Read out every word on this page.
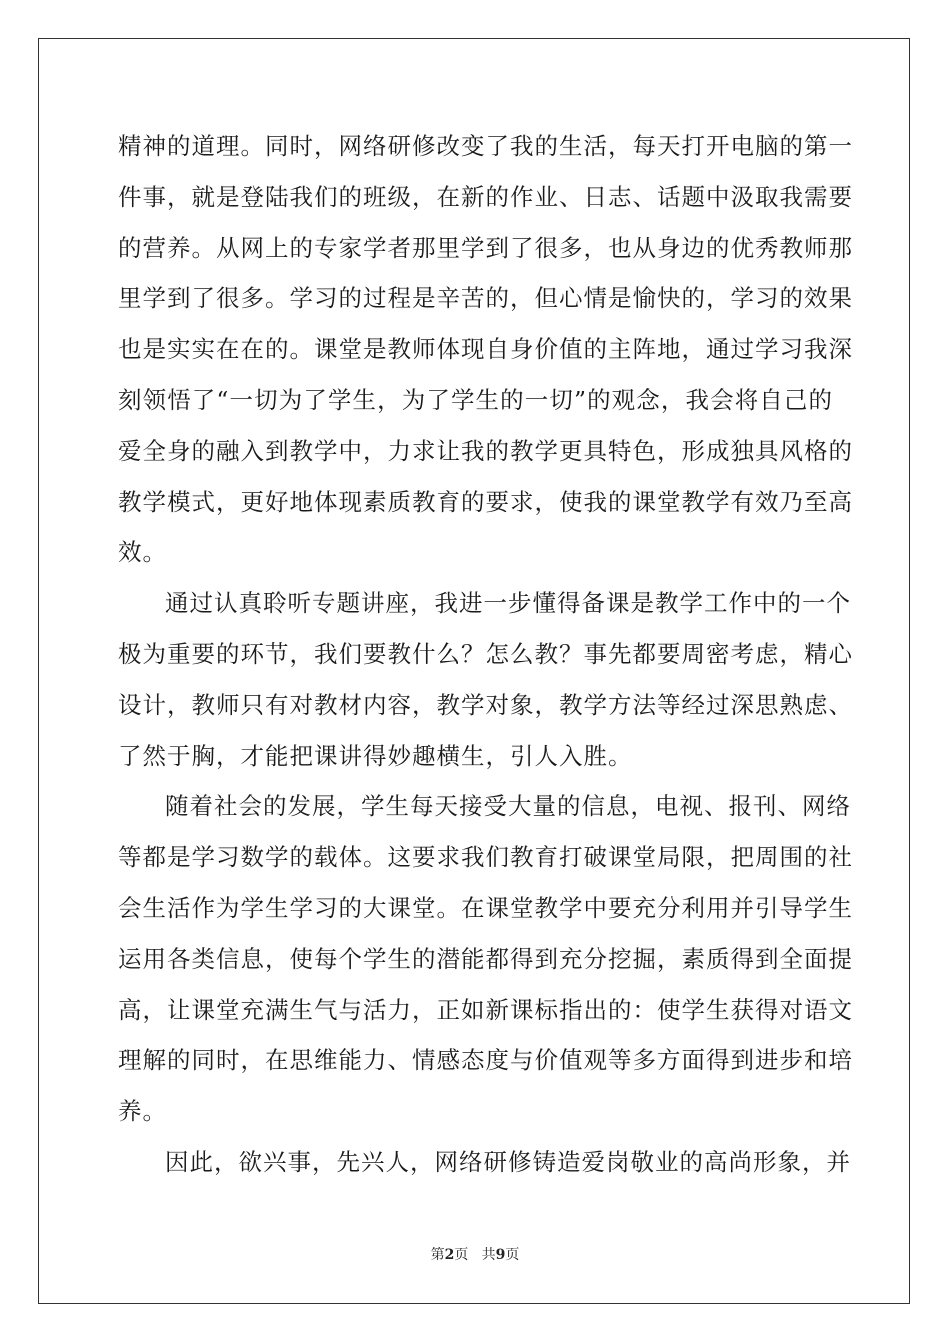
精神的道理。同时，网络研修改变了我的生活，每天打开电脑的第一
件事，就是登陆我们的班级，在新的作业、日志、话题中汲取我需要
的营养。从网上的专家学者那里学到了很多，也从身边的优秀教师那
里学到了很多。学习的过程是辛苦的，但心情是愉快的，学习的效果
也是实实在在的。课堂是教师体现自身价值的主阵地，通过学习我深
刻领悟了“一切为了学生，为了学生的一切”的观念，我会将自己的
爱全身的融入到教学中，力求让我的教学更具特色，形成独具风格的
教学模式，更好地体现素质教育的要求，使我的课堂教学有效乃至高
效。
通过认真聆听专题讲座，我进一步懂得备课是教学工作中的一个
极为重要的环节，我们要教什么？怎么教？事先都要周密考虑，精心
设计，教师只有对教材内容，教学对象，教学方法等经过深思熟虑、
了然于胸，才能把课讲得妙趣横生，引人入胜。
随着社会的发展，学生每天接受大量的信息，电视、报刊、网络
等都是学习数学的载体。这要求我们教育打破课堂局限，把周围的社
会生活作为学生学习的大课堂。在课堂教学中要充分利用并引导学生
运用各类信息，使每个学生的潜能都得到充分挖掘，素质得到全面提
高，让课堂充满生气与活力，正如新课标指出的：使学生获得对语文
理解的同时，在思维能力、情感态度与价值观等多方面得到进步和培
养。
因此，欲兴事，先兴人，网络研修铸造爱岗敬业的高尚形象，并
第2页 共9页
